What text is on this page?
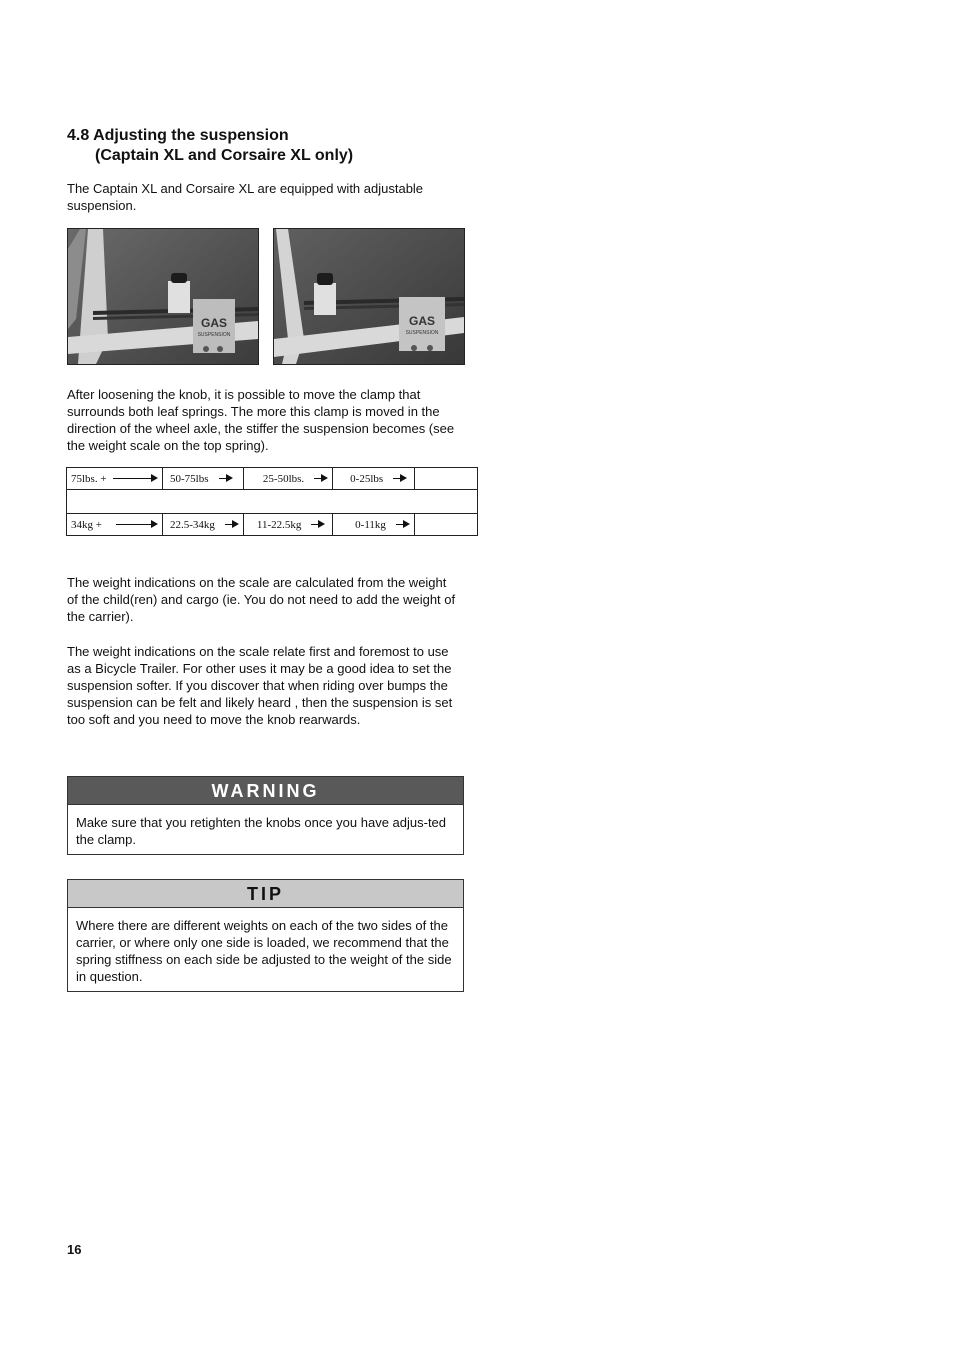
4.8 Adjusting the suspension
(Captain XL and Corsaire XL only)
The Captain XL and Corsaire XL are equipped with adjustable suspension.
GAS
SUSPENSION
GAS
SUSPENSION
After loosening the knob, it is possible to move the clamp that surrounds both leaf springs. The more this clamp is moved in the direction of the wheel axle, the stiffer the suspension becomes (see the weight scale on the top spring).
75lbs. +	50-75lbs	25-50lbs.	0-25lbs	

34kg +	22.5-34kg	11-22.5kg	0-11kg	

The weight indications on the scale are calculated from the weight of the child(ren) and cargo (ie. You do not need to add the weight of the carrier).
The weight indications on the scale relate first and foremost to use as a Bicycle Trailer. For other uses it may be a good idea to set the suspension softer. If you discover that when riding over bumps the suspension can be felt and likely heard , then the suspension is set too soft and you need to move the knob rearwards.
WARNING
Make sure that you retighten the knobs once you have adjus-ted the clamp.
TIP
Where there are different weights on each of the two sides of the carrier, or where only one side is loaded, we recommend that the spring stiffness on each side be adjusted to the weight of the side in question.
16
